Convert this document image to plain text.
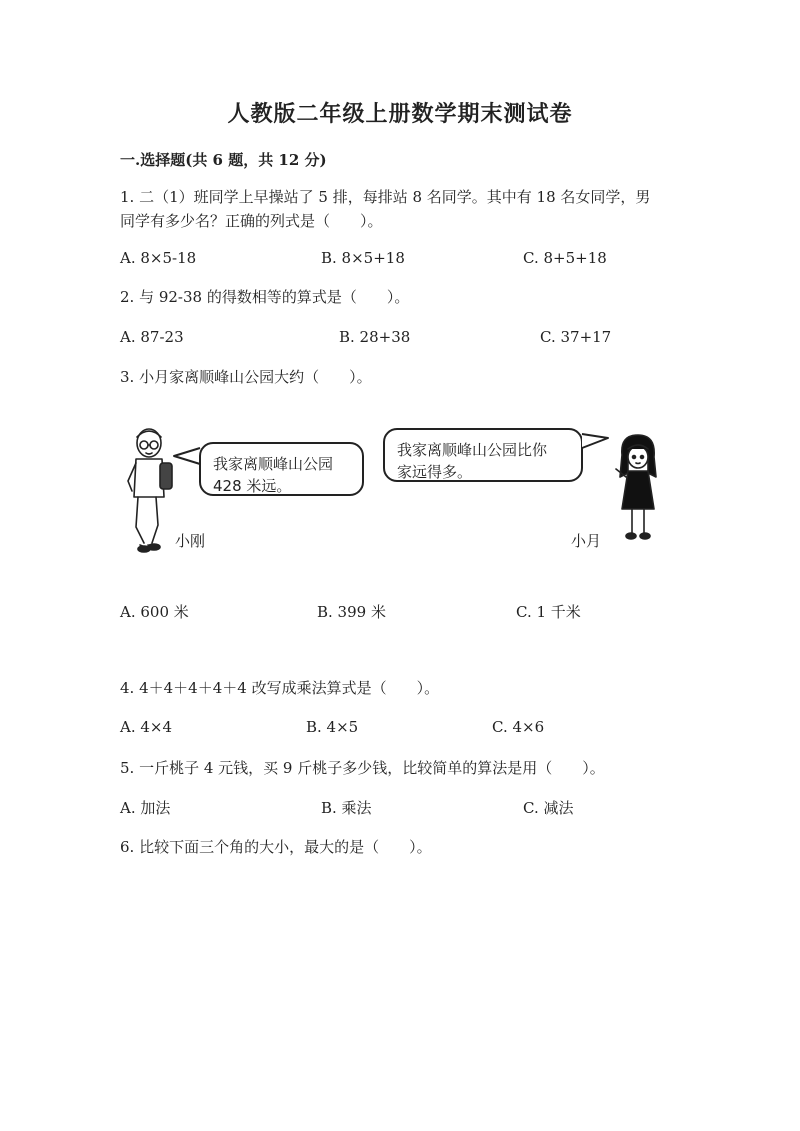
人教版二年级上册数学期末测试卷
一.选择题(共 6 题，共 12 分)
1. 二（1）班同学上早操站了 5 排，每排站 8 名同学。其中有 18 名女同学，男
同学有多少名？正确的列式是（　　）。
A. 8×5-18	B. 8×5+18	C. 8+5+18
2. 与 92-38 的得数相等的算式是（　　）。
A. 87-23	B. 28+38	C. 37+17
3. 小月家离顺峰山公园大约（　　）。
我家离顺峰山公园
428 米远。
小刚
我家离顺峰山公园比你
家远得多。
小月
A. 600 米	B. 399 米	C. 1 千米
4. 4＋4＋4＋4＋4 改写成乘法算式是（　　）。
A. 4×4	B. 4×5	C. 4×6
5. 一斤桃子 4 元钱，买 9 斤桃子多少钱，比较简单的算法是用（　　）。
A. 加法	B. 乘法	C. 减法
6. 比较下面三个角的大小，最大的是（　　）。
